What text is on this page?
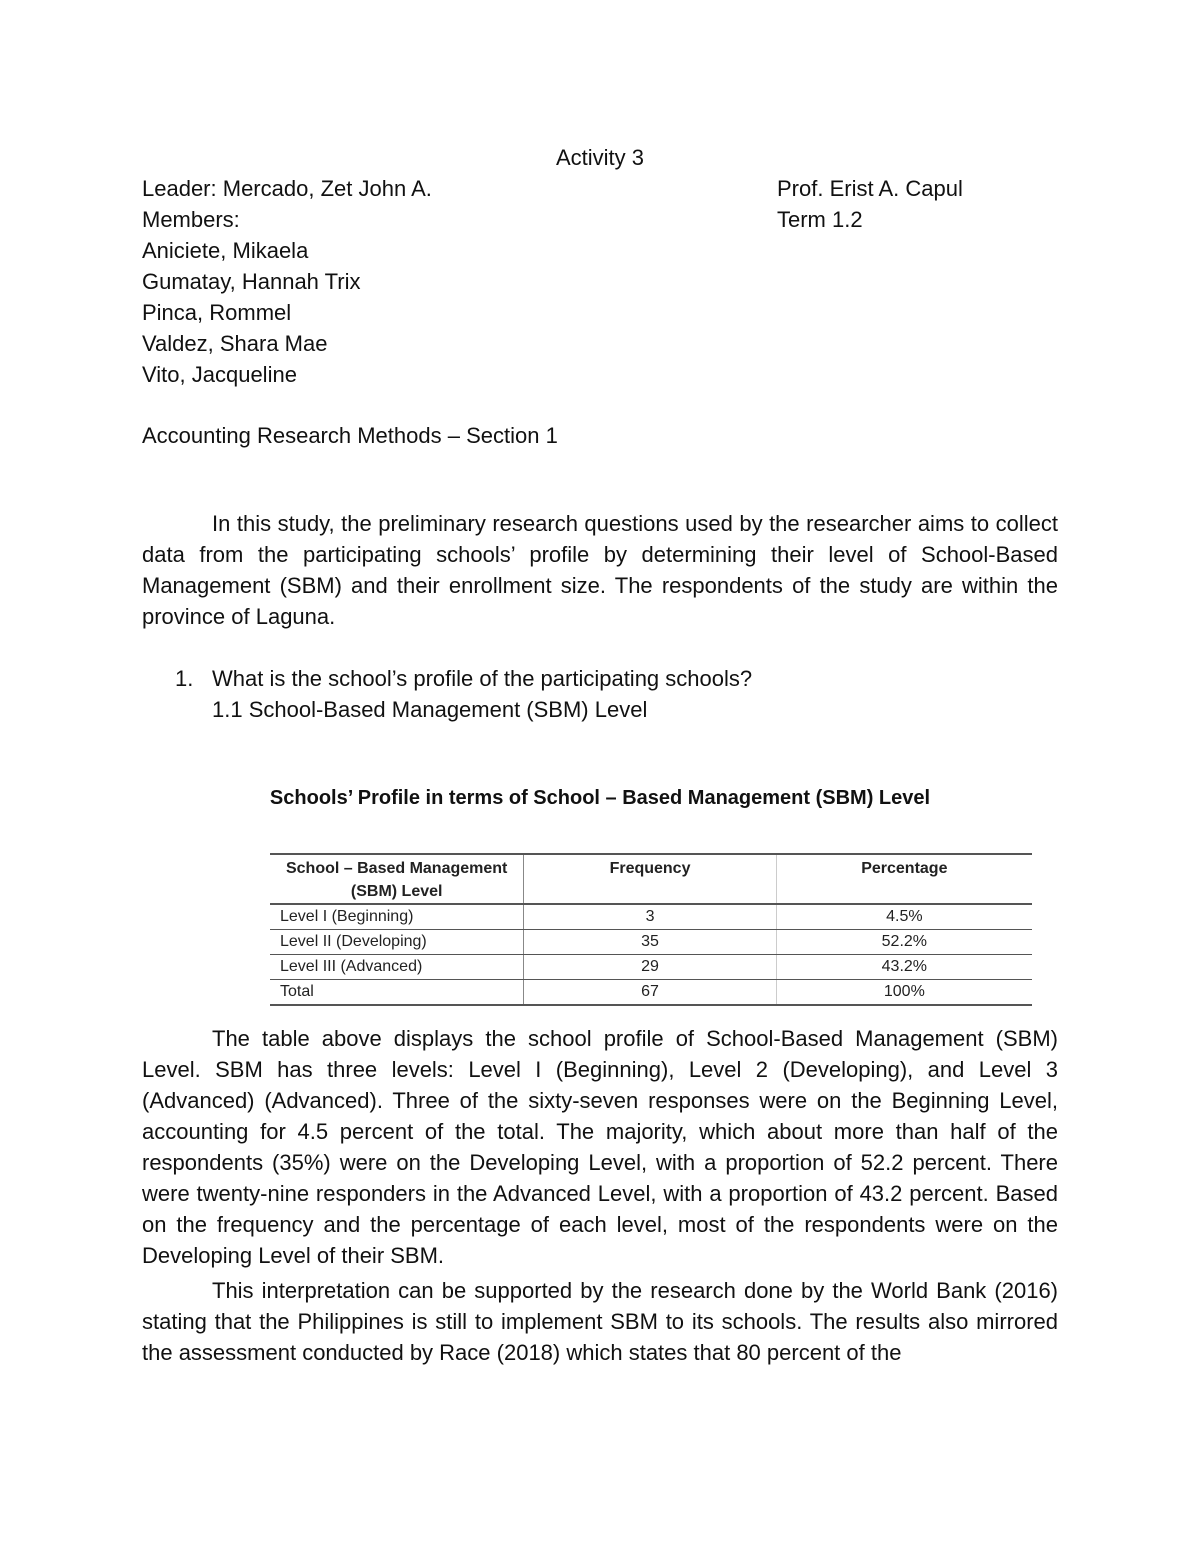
Activity 3

Leader: Mercado, Zet John A.

Members:

Aniciete, Mikaela
Gumatay, Hannah Trix
Pinca, Rommel
Valdez, Shara Mae
Vito, Jacqueline

Prof. Erist A. Capul

Term 1.2

Accounting Research Methods – Section 1

In this study, the preliminary research questions used by the researcher aims to collect data from the participating schools’ profile by determining their level of School-Based Management (SBM) and their enrollment size. The respondents of the study are within the province of Laguna.

1. What is the school’s profile of the participating schools?

1.1 School-Based Management (SBM) Level

Schools’ Profile in terms of School – Based Management (SBM) Level

School – Based Management (SBM) Level	Frequency	Percentage
Level I (Beginning)	3	4.5%
Level II (Developing)	35	52.2%
Level III (Advanced)	29	43.2%
Total	67	100%

The table above displays the school profile of School-Based Management (SBM) Level. SBM has three levels: Level I (Beginning), Level 2 (Developing), and Level 3 (Advanced) (Advanced). Three of the sixty-seven responses were on the Beginning Level, accounting for 4.5 percent of the total. The majority, which about more than half of the respondents (35%) were on the Developing Level, with a proportion of 52.2 percent. There were twenty-nine responders in the Advanced Level, with a proportion of 43.2 percent. Based on the frequency and the percentage of each level, most of the respondents were on the Developing Level of their SBM.

This interpretation can be supported by the research done by the World Bank (2016) stating that the Philippines is still to implement SBM to its schools. The results also mirrored the assessment conducted by Race (2018) which states that 80 percent of the
